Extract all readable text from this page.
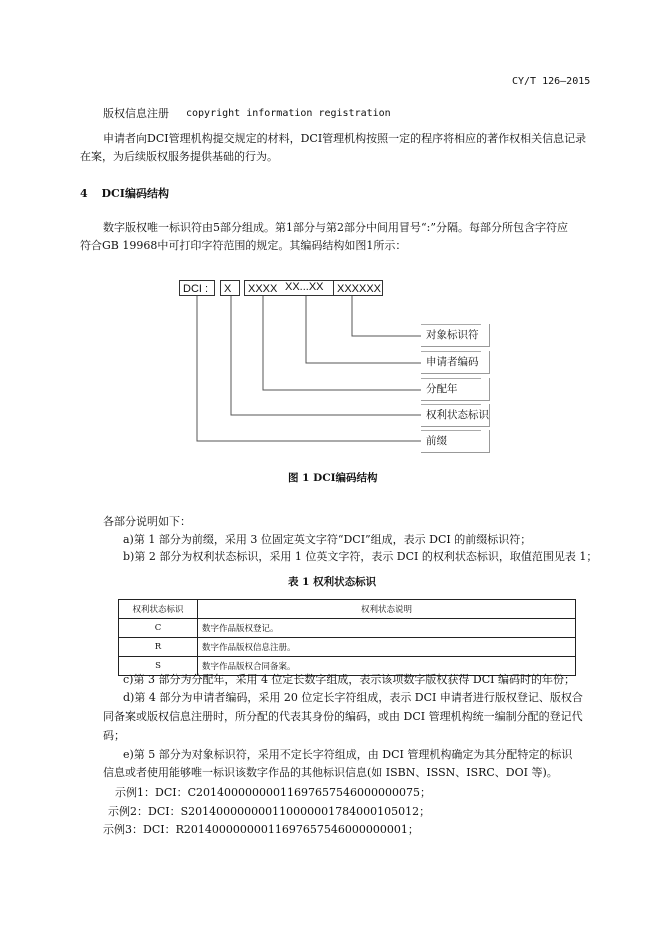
CY/T 126—2015
版权信息注册 copyright information registration
申请者向DCI管理机构提交规定的材料，DCI管理机构按照一定的程序将相应的著作权相关信息记录
在案，为后续版权服务提供基础的行为。
4 DCI编码结构
数字版权唯一标识符由5部分组成。第1部分与第2部分中间用冒号“:”分隔。每部分所包含字符应
符合GB 19968中可打印字符范围的规定。其编码结构如图1所示：
DCI :	X	XXXX XX...XX	XXXXXX
对象标识符
申请者编码
分配年
权利状态标识
前缀
图 1 DCI编码结构
各部分说明如下：
a)第 1 部分为前缀，采用 3 位固定英文字符“DCI”组成，表示 DCI 的前缀标识符；
b)第 2 部分为权利状态标识，采用 1 位英文字符，表示 DCI 的权利状态标识，取值范围见表 1；
表 1 权利状态标识
权利状态标识	权利状态说明
C	数字作品版权登记。
R	数字作品版权信息注册。
S	数字作品版权合同备案。
c)第 3 部分为分配年，采用 4 位定长数字组成，表示该项数字版权获得 DCI 编码时的年份；
d)第 4 部分为申请者编码，采用 20 位定长字符组成，表示 DCI 申请者进行版权登记、版权合
同备案或版权信息注册时，所分配的代表其身份的编码，或由 DCI 管理机构统一编制分配的登记代
码；
e)第 5 部分为对象标识符，采用不定长字符组成，由 DCI 管理机构确定为其分配特定的标识
信息或者使用能够唯一标识该数字作品的其他标识信息(如 ISBN、ISSN、ISRC、DOI 等)。
示例1：DCI：C20140000000011697657546000000075；
示例2：DCI：S20140000000011000000178400010501​2；
示例3：DCI：R20140000000011697657546000000001；
